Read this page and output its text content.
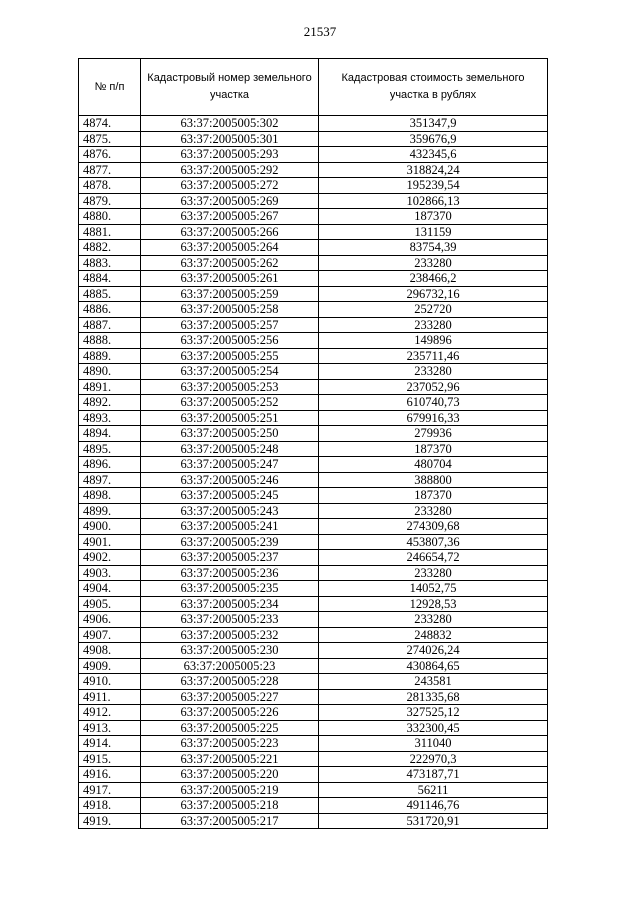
21537
№ п/п	Кадастровый номер земельного участка	Кадастровая стоимость земельного участка в рублях
4874.	63:37:2005005:302	351347,9
4875.	63:37:2005005:301	359676,9
4876.	63:37:2005005:293	432345,6
4877.	63:37:2005005:292	318824,24
4878.	63:37:2005005:272	195239,54
4879.	63:37:2005005:269	102866,13
4880.	63:37:2005005:267	187370
4881.	63:37:2005005:266	131159
4882.	63:37:2005005:264	83754,39
4883.	63:37:2005005:262	233280
4884.	63:37:2005005:261	238466,2
4885.	63:37:2005005:259	296732,16
4886.	63:37:2005005:258	252720
4887.	63:37:2005005:257	233280
4888.	63:37:2005005:256	149896
4889.	63:37:2005005:255	235711,46
4890.	63:37:2005005:254	233280
4891.	63:37:2005005:253	237052,96
4892.	63:37:2005005:252	610740,73
4893.	63:37:2005005:251	679916,33
4894.	63:37:2005005:250	279936
4895.	63:37:2005005:248	187370
4896.	63:37:2005005:247	480704
4897.	63:37:2005005:246	388800
4898.	63:37:2005005:245	187370
4899.	63:37:2005005:243	233280
4900.	63:37:2005005:241	274309,68
4901.	63:37:2005005:239	453807,36
4902.	63:37:2005005:237	246654,72
4903.	63:37:2005005:236	233280
4904.	63:37:2005005:235	14052,75
4905.	63:37:2005005:234	12928,53
4906.	63:37:2005005:233	233280
4907.	63:37:2005005:232	248832
4908.	63:37:2005005:230	274026,24
4909.	63:37:2005005:23	430864,65
4910.	63:37:2005005:228	243581
4911.	63:37:2005005:227	281335,68
4912.	63:37:2005005:226	327525,12
4913.	63:37:2005005:225	332300,45
4914.	63:37:2005005:223	311040
4915.	63:37:2005005:221	222970,3
4916.	63:37:2005005:220	473187,71
4917.	63:37:2005005:219	56211
4918.	63:37:2005005:218	491146,76
4919.	63:37:2005005:217	531720,91
